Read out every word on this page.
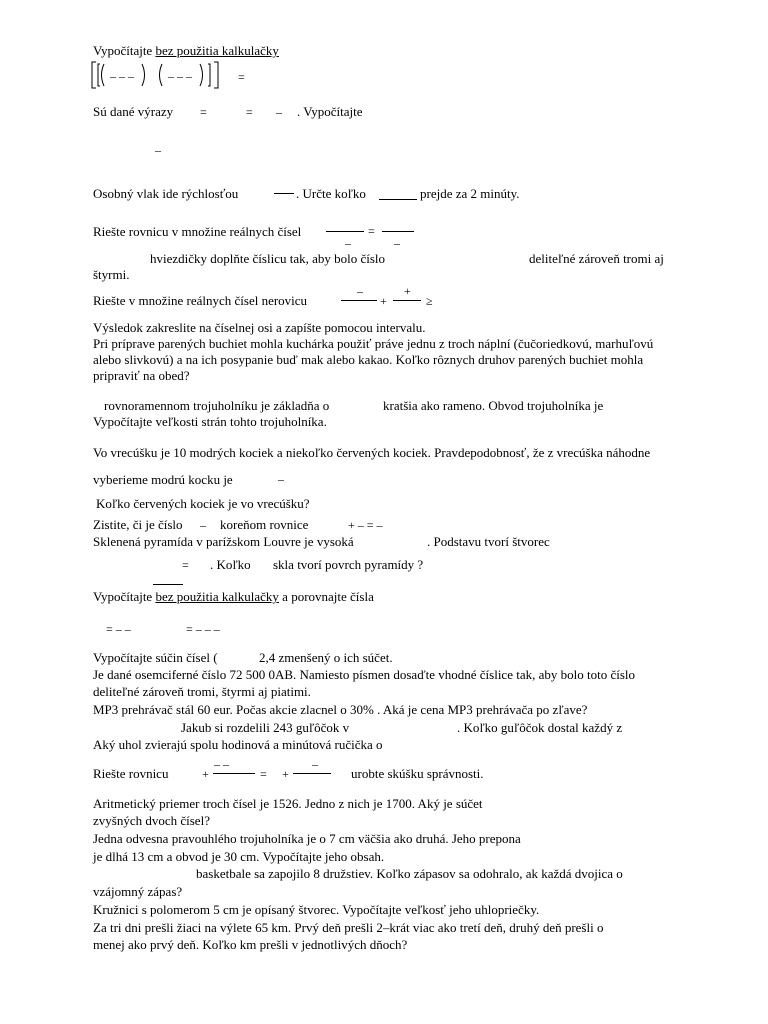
Vypočítajte bez použitia kalkulačky
– – –	– – –	=
Sú dané výrazy =	= – . Vypočítajte
–
Osobný vlak ide rýchlosťou	. Určte koľko	prejde za 2 minúty.
Riešte rovnicu v množine reálnych čísel	=
–	–
hviezdičky doplňte číslicu tak, aby bolo číslo	deliteľné zároveň tromi aj
štyrmi.
–	+
Riešte v množine reálnych čísel nerovicu	+	≥
Výsledok zakreslite na číselnej osi a zapíšte pomocou intervalu.
Pri príprave parených buchiet mohla kuchárka použiť práve jednu z troch náplní (čučoriedkovú, marhuľovú
alebo slivkovú) a na ich posypanie buď mak alebo kakao. Koľko rôznych druhov parených buchiet mohla
pripraviť na obed?
rovnoramennom trojuholníku je základňa o	kratšia ako rameno. Obvod trojuholníka je
Vypočítajte veľkosti strán tohto trojuholníka.
Vo vrecúšku je 10 modrých kociek a niekoľko červených kociek. Pravdepodobnosť, že z vrecúška náhodne
vyberieme modrú kocku je	–
Koľko červených kociek je vo vrecúšku?
Zistite, či je číslo – koreňom rovnice	+ – = –
Sklenená pyramída v parížskom Louvre je vysoká	. Podstavu tvorí štvorec
= . Koľko skla tvorí povrch pyramídy ?
Vypočítajte bez použitia kalkulačky a porovnajte čísla
= – –	= – – –
Vypočítajte súčin čísel (	2,4 zmenšený o ich súčet.
Je dané osemciferné číslo 72 500 0AB. Namiesto písmen dosaďte vhodné číslice tak, aby bolo toto číslo
deliteľné zároveň tromi, štyrmi aj piatimi.
MP3 prehrávač stál 60 eur. Počas akcie zlacnel o 30% . Aká je cena MP3 prehrávača po zľave?
Jakub si rozdelili 243 guľôčok v	. Koľko guľôčok dostal každý z
Aký uhol zvierajú spolu hodinová a minútová ručička o
– –	–
Riešte rovnicu	+	= +	urobte skúšku správnosti.
Aritmetický priemer troch čísel je 1526. Jedno z nich je 1700. Aký je súčet
zvyšných dvoch čísel?
Jedna odvesna pravouhlého trojuholníka je o 7 cm väčšia ako druhá. Jeho prepona
je dlhá 13 cm a obvod je 30 cm. Vypočítajte jeho obsah.
basketbale sa zapojilo 8 družstiev. Koľko zápasov sa odohralo, ak každá dvojica o
vzájomný zápas?
Kružnici s polomerom 5 cm je opísaný štvorec. Vypočítajte veľkosť jeho uhlopriečky.
Za tri dni prešli žiaci na výlete 65 km. Prvý deň prešli 2–krát viac ako tretí deň, druhý deň prešli o
menej ako prvý deň. Koľko km prešli v jednotlivých dňoch?
